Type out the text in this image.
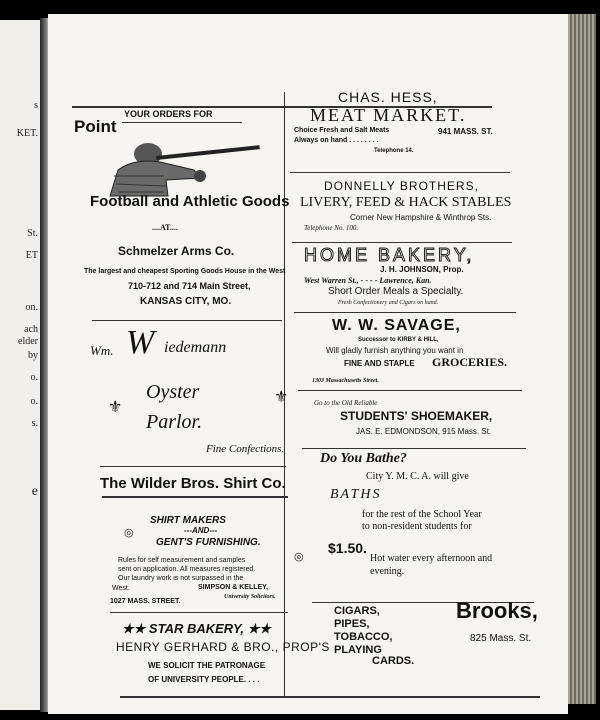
s
KET.
St.
ET
on.
ach
elder
by
o.
o.
s.
e
Point
YOUR ORDERS FOR
Football and Athletic Goods
....AT....
Schmelzer Arms Co.
The largest and cheapest Sporting Goods House in the West
710-712 and 714 Main Street,
KANSAS CITY, MO.
CHAS. HESS,
MEAT MARKET.
Choice Fresh and Salt Meats
Always on hand . . . . . . . .
941 MASS. ST.
Telephone 14.
DONNELLY BROTHERS,
LIVERY, FEED & HACK STABLES
Corner New Hampshire & Winthrop Sts.
Telephone No. 100.
HOME BAKERY,
J. H. JOHNSON, Prop.
West Warren St., - - - - Lawrence, Kan.
Short Order Meals a Specialty.
Fresh Confectionery and Cigars on hand.
W. W. SAVAGE,
Successor to KIRBY & HILL,
Will gladly furnish anything you want in
FINE AND STAPLE GROCERIES.
1303 Massachusetts Street.
Wm. W iedemann
⚜
⚜
Oyster
Parlor.
Fine Confections.
Go to the Old Reliable
STUDENTS' SHOEMAKER,
JAS. E. EDMONDSON, 915 Mass. St.
The Wilder Bros. Shirt Co.
SHIRT MAKERS
---AND---
GENT'S FURNISHING.
◎
◎
Rules for self measurement and samples
sent on application. All measures registered.
Our laundry work is not surpassed in the
West.	SIMPSON & KELLEY,
University Solicitors.
1027 MASS. STREET.
Do You Bathe?
City Y. M. C. A. will give
BATHS
for the rest of the School Year
to non-resident students for
$1.50.
Hot water every afternoon and
evening.
★★ STAR BAKERY, ★★
HENRY GERHARD & BRO., PROP'S
WE SOLICIT THE PATRONAGE
OF UNIVERSITY PEOPLE. . . .
CIGARS,
PIPES,
TOBACCO,
PLAYING
CARDS.
Brooks,
825 Mass. St.
